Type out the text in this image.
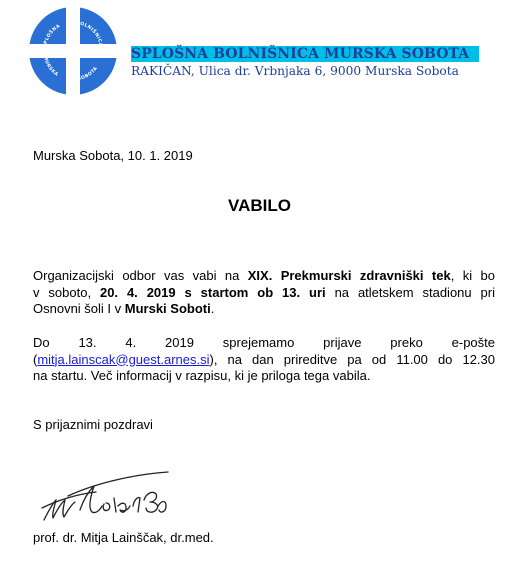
SPLOŠNA
BOLNIŠNICA
MURSKA
SOBOTA
SPLOŠNA BOLNIŠNICA MURSKA SOBOTA
RAKIČAN, Ulica dr. Vrbnjaka 6, 9000 Murska Sobota
Murska Sobota, 10. 1. 2019
VABILO
Organizacijski odbor vas vabi na XIX. Prekmurski zdravniški tek, ki bo
v soboto, 20. 4. 2019 s startom ob 13. uri na atletskem stadionu pri
Osnovni šoli I v Murski Soboti.
Do 13. 4. 2019 sprejemamo prijave preko e-pošte
(mitja.lainscak@guest.arnes.si), na dan prireditve pa od 11.00 do 12.30
na startu. Več informacij v razpisu, ki je priloga tega vabila.
S prijaznimi pozdravi
prof. dr. Mitja Lainščak, dr.med.
